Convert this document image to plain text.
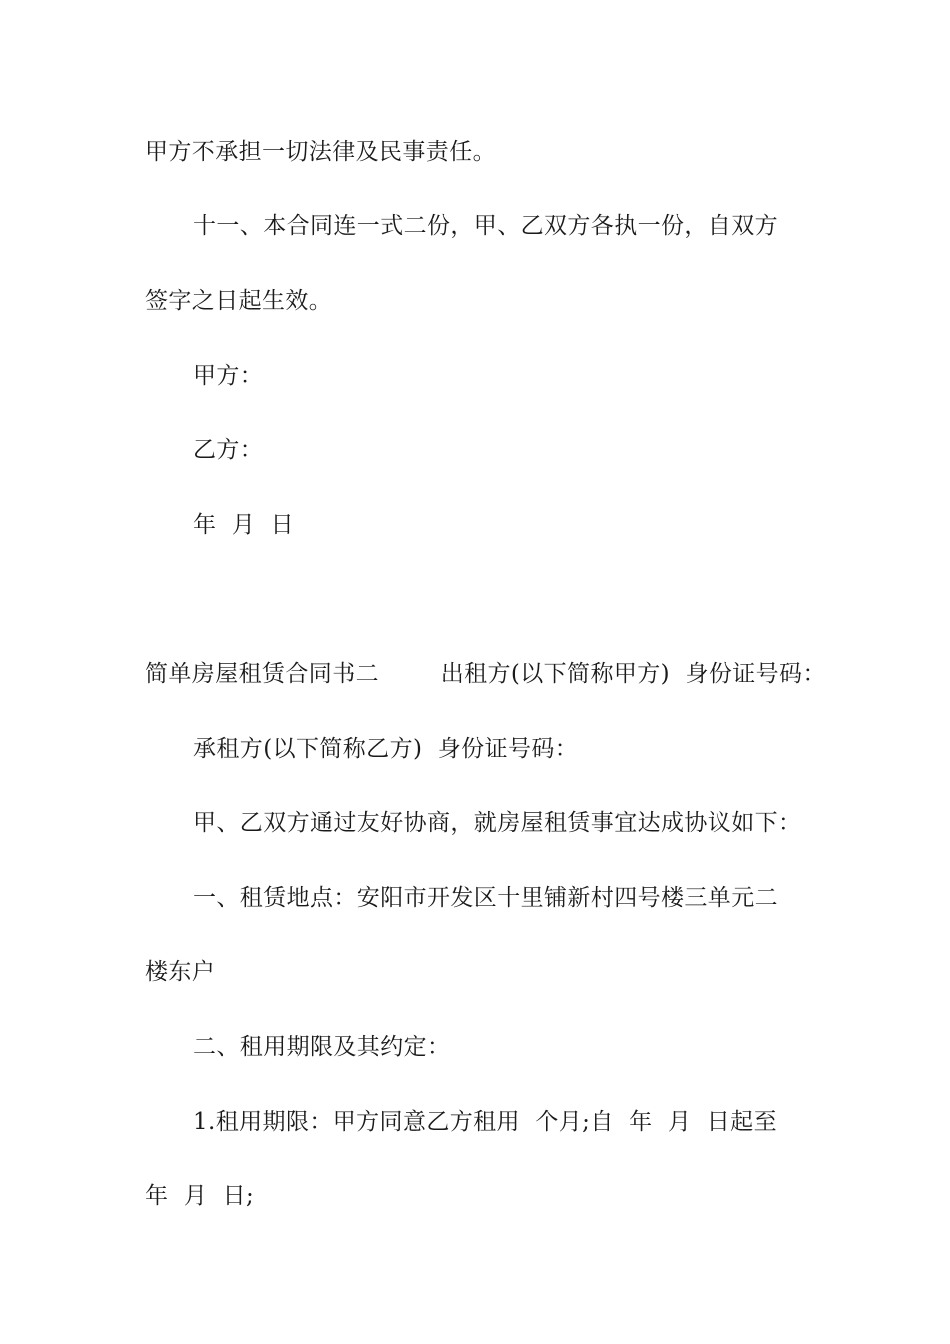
甲方不承担一切法律及民事责任。

十一、本合同连一式二份，甲、乙双方各执一份，自双方

签字之日起生效。

甲方：

乙方：

年  月  日

简单房屋租赁合同书二        出租方(以下简称甲方)  身份证号码：

承租方(以下简称乙方)  身份证号码：

甲、乙双方通过友好协商，就房屋租赁事宜达成协议如下：

一、租赁地点：安阳市开发区十里铺新村四号楼三单元二

楼东户

二、租用期限及其约定：

1.租用期限：甲方同意乙方租用  个月;自  年  月  日起至

年  月  日;
